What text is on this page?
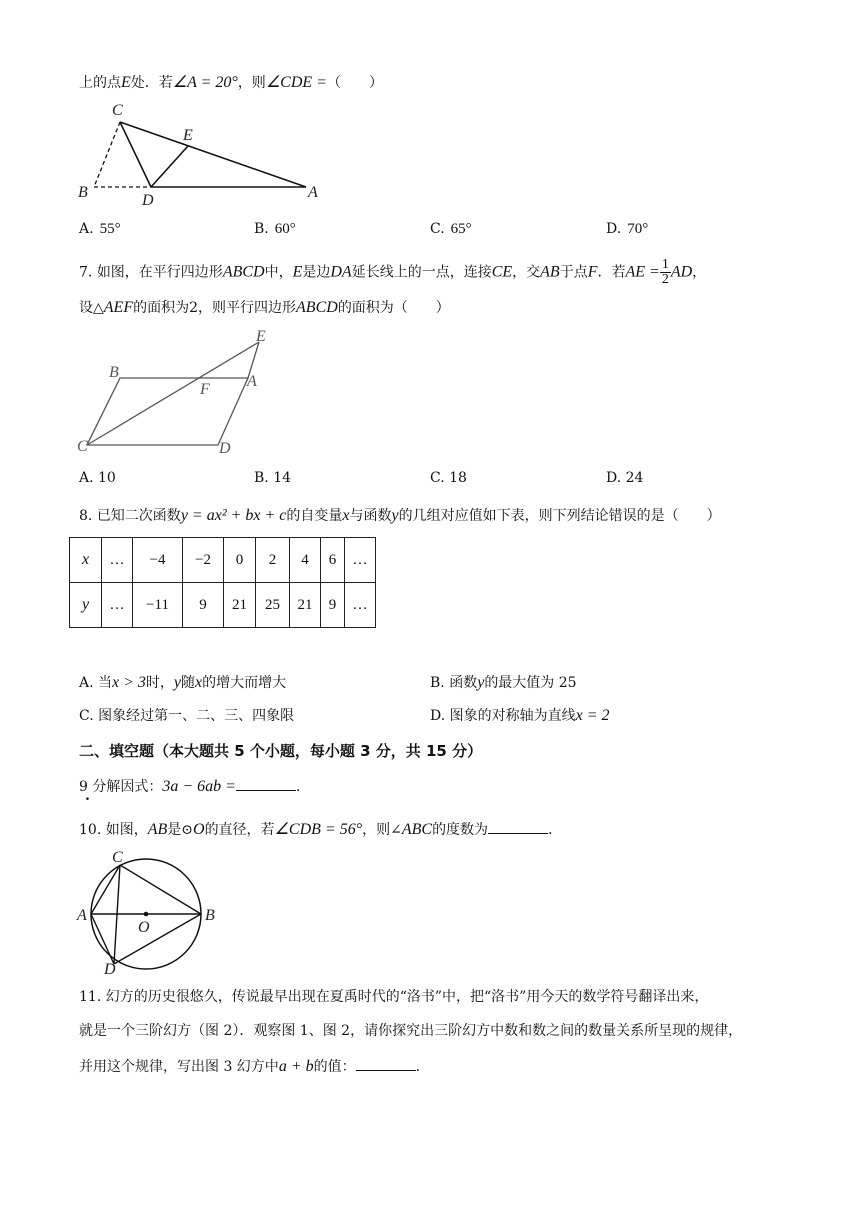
上的点E处．若∠A = 20°，则∠CDE =（　　）
C
E
B	D	A
A. 55°	B. 60°	C. 65°	D. 70°
7. 如图，在平行四边形ABCD中，E是边DA延长线上的一点，连接CE，交AB于点F．若AE = $\frac{1}{2}$ AD，
设△AEF的面积为2，则平行四边形ABCD的面积为（　　）
E
B
F A
C	D
A. 10	B. 14	C. 18	D. 24
8. 已知二次函数y = ax² + bx + c的自变量x与函数y的几组对应值如下表，则下列结论错误的是（　　）
x	…	−4	−2	0	2	4	6	…
y	…	−11	9	21	25	21	9	…
A. 当x > 3时，y随x的增大而增大	B. 函数y的最大值为 25
C. 图象经过第一、二、三、四象限	D. 图象的对称轴为直线x = 2
二、填空题（本大题共 5 个小题，每小题 3 分，共 15 分）
9 分解因式：3a − 6ab =	．
.
10. 如图，AB是⊙O的直径，若∠CDB = 56°，则∠ABC的度数为	．
C
A	B
O
D
11. 幻方的历史很悠久，传说最早出现在夏禹时代的“洛书”中，把“洛书”用今天的数学符号翻译出来，
就是一个三阶幻方（图 2）．观察图 1、图 2，请你探究出三阶幻方中数和数之间的数量关系所呈现的规律，
并用这个规律，写出图 3 幻方中a + b的值：	．
